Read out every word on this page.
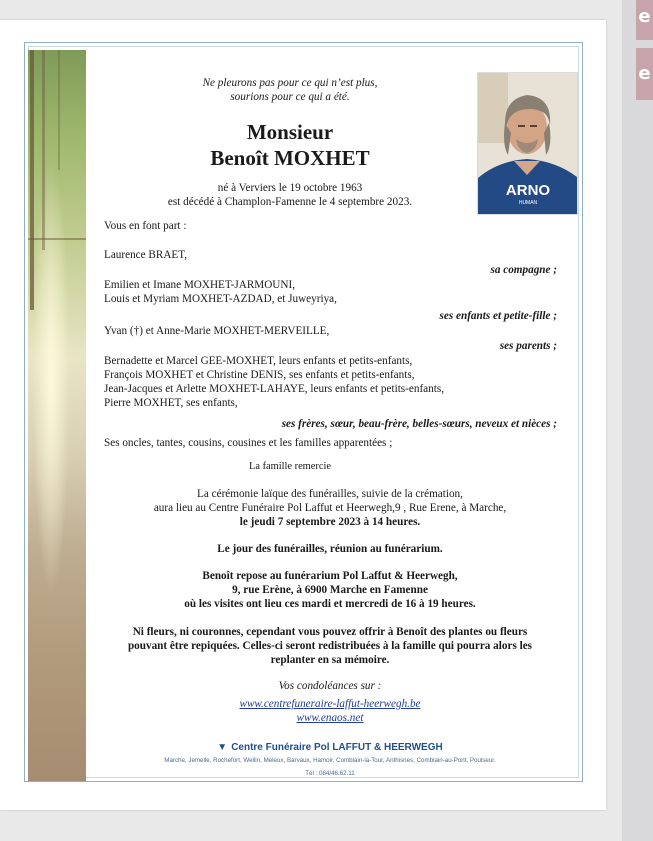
e
e
ARNO
HUMAN
Ne pleurons pas pour ce qui n’est plus,
sourions pour ce qui a été.
Monsieur
Benoît MOXHET
né à Verviers le 19 octobre 1963
est décédé à Champlon-Famenne le 4 septembre 2023.
Vous en font part :
Laurence BRAET,
sa compagne ;
Emilien et Imane MOXHET-JARMOUNI,
Louis et Myriam MOXHET-AZDAD, et Juweyriya,
ses enfants et petite-fille ;
Yvan (†) et Anne-Marie MOXHET-MERVEILLE,
ses parents ;
Bernadette et Marcel GEE-MOXHET, leurs enfants et petits-enfants,
François MOXHET et Christine DENIS, ses enfants et petits-enfants,
Jean-Jacques et Arlette MOXHET-LAHAYE, leurs enfants et petits-enfants,
Pierre MOXHET, ses enfants,
ses frères, sœur, beau-frère, belles-sœurs, neveux et nièces ;
Ses oncles, tantes, cousins, cousines et les familles apparentées ;
La famille remercie
La cérémonie laïque des funérailles, suivie de la crémation,
aura lieu au Centre Funéraire Pol Laffut et Heerwegh,9 , Rue Erene, à Marche,
le jeudi 7 septembre 2023 à 14 heures.
Le jour des funérailles, réunion au funérarium.
Benoît repose au funérarium Pol Laffut & Heerwegh,
9, rue Erène, à 6900 Marche en Famenne
où les visites ont lieu ces mardi et mercredi de 16 à 19 heures.
Ni fleurs, ni couronnes, cependant vous pouvez offrir à Benoît des plantes ou fleurs
pouvant être repiquées. Celles-ci seront redistribuées à la famille qui pourra alors les
replanter en sa mémoire.
Vos condoléances sur :
www.centrefuneraire-laffut-heerwegh.be
www.enaos.net
▼ Centre Funéraire Pol LAFFUT & HEERWEGH
Marche, Jemelle, Rochefort, Wellin, Meleux, Barvaux, Hamoir, Comblain-la-Tour, Anthisnes, Comblain-au-Pont, Poulseur.
Tél : 084/46.62.11
